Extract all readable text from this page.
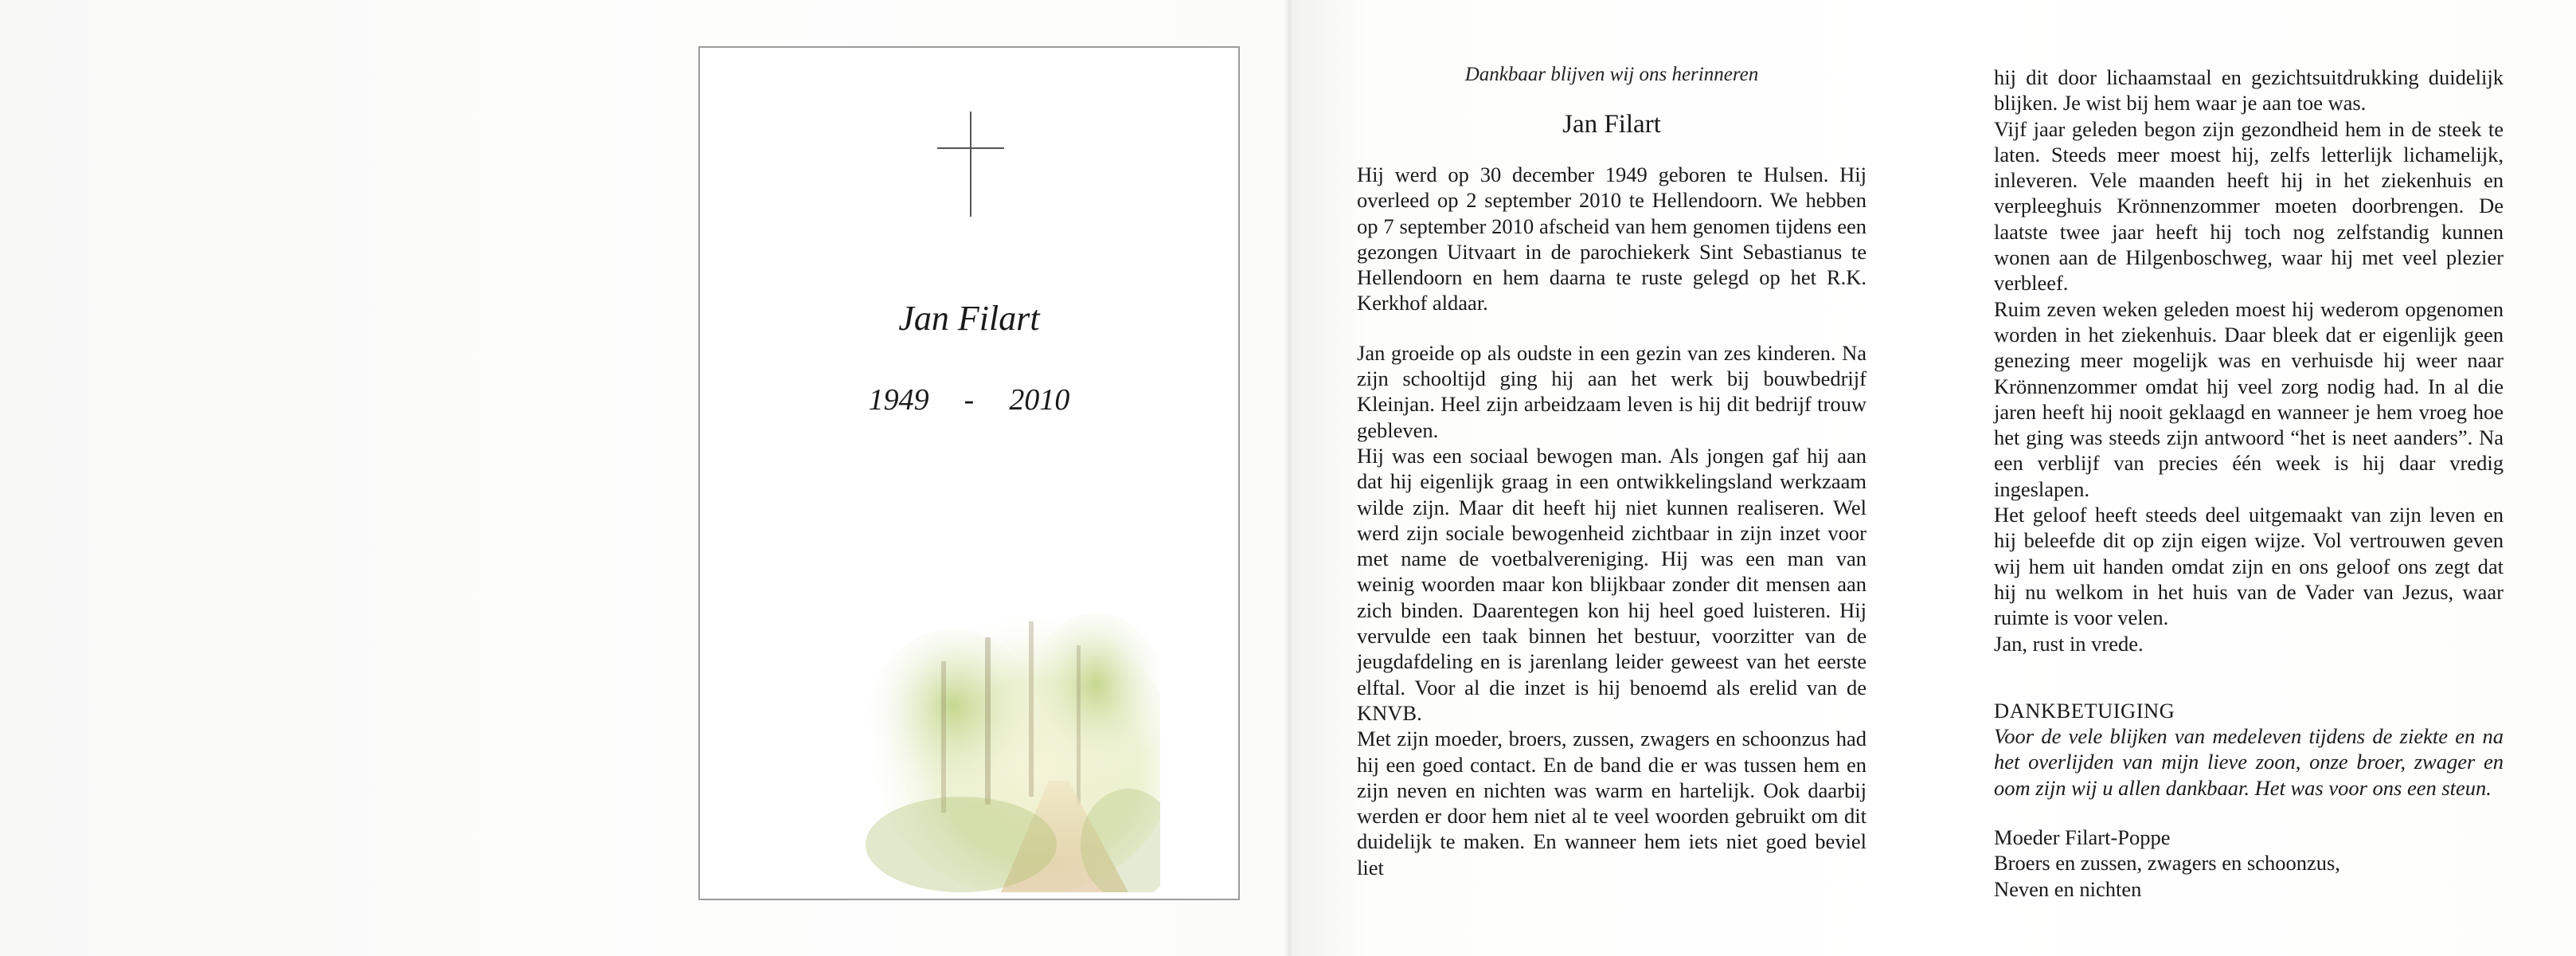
Jan Filart
1949 - 2010
Dankbaar blijven wij ons herinneren
Jan Filart

Hij werd op 30 december 1949 geboren te Hulsen. Hij overleed op 2 september 2010 te Hellendoorn. We hebben op 7 september 2010 afscheid van hem genomen tijdens een gezongen Uitvaart in de parochiekerk Sint Sebastianus te Hellendoorn en hem daarna te ruste gelegd op het R.K. Kerkhof aldaar.

Jan groeide op als oudste in een gezin van zes kinderen. Na zijn schooltijd ging hij aan het werk bij bouwbedrijf Kleinjan. Heel zijn arbeidzaam leven is hij dit bedrijf trouw gebleven.

Hij was een sociaal bewogen man. Als jongen gaf hij aan dat hij eigenlijk graag in een ontwikkelingsland werkzaam wilde zijn. Maar dit heeft hij niet kunnen realiseren. Wel werd zijn sociale bewogenheid zichtbaar in zijn inzet voor met name de voetbalvereniging. Hij was een man van weinig woorden maar kon blijkbaar zonder dit mensen aan zich binden. Daarentegen kon hij heel goed luisteren. Hij vervulde een taak binnen het bestuur, voorzitter van de jeugdafdeling en is jarenlang leider geweest van het eerste elftal. Voor al die inzet is hij benoemd als erelid van de KNVB.

Met zijn moeder, broers, zussen, zwagers en schoonzus had hij een goed contact. En de band die er was tussen hem en zijn neven en nichten was warm en hartelijk. Ook daarbij werden er door hem niet al te veel woorden gebruikt om dit duidelijk te maken. En wanneer hem iets niet goed beviel liet

hij dit door lichaamstaal en gezichtsuitdrukking duidelijk blijken. Je wist bij hem waar je aan toe was.

Vijf jaar geleden begon zijn gezondheid hem in de steek te laten. Steeds meer moest hij, zelfs letterlijk lichamelijk, inleveren. Vele maanden heeft hij in het ziekenhuis en verpleeghuis Krönnenzommer moeten doorbrengen. De laatste twee jaar heeft hij toch nog zelfstandig kunnen wonen aan de Hilgenboschweg, waar hij met veel plezier verbleef.

Ruim zeven weken geleden moest hij wederom opgenomen worden in het ziekenhuis. Daar bleek dat er eigenlijk geen genezing meer mogelijk was en verhuisde hij weer naar Krönnenzommer omdat hij veel zorg nodig had. In al die jaren heeft hij nooit geklaagd en wanneer je hem vroeg hoe het ging was steeds zijn antwoord “het is neet aanders”. Na een verblijf van precies één week is hij daar vredig ingeslapen.

Het geloof heeft steeds deel uitgemaakt van zijn leven en hij beleefde dit op zijn eigen wijze. Vol vertrouwen geven wij hem uit handen omdat zijn en ons geloof ons zegt dat hij nu welkom in het huis van de Vader van Jezus, waar ruimte is voor velen.

Jan, rust in vrede.

DANKBETUIGING

Voor de vele blijken van medeleven tijdens de ziekte en na het overlijden van mijn lieve zoon, onze broer, zwager en oom zijn wij u allen dankbaar. Het was voor ons een steun.

Moeder Filart-Poppe

Broers en zussen, zwagers en schoonzus,

Neven en nichten
